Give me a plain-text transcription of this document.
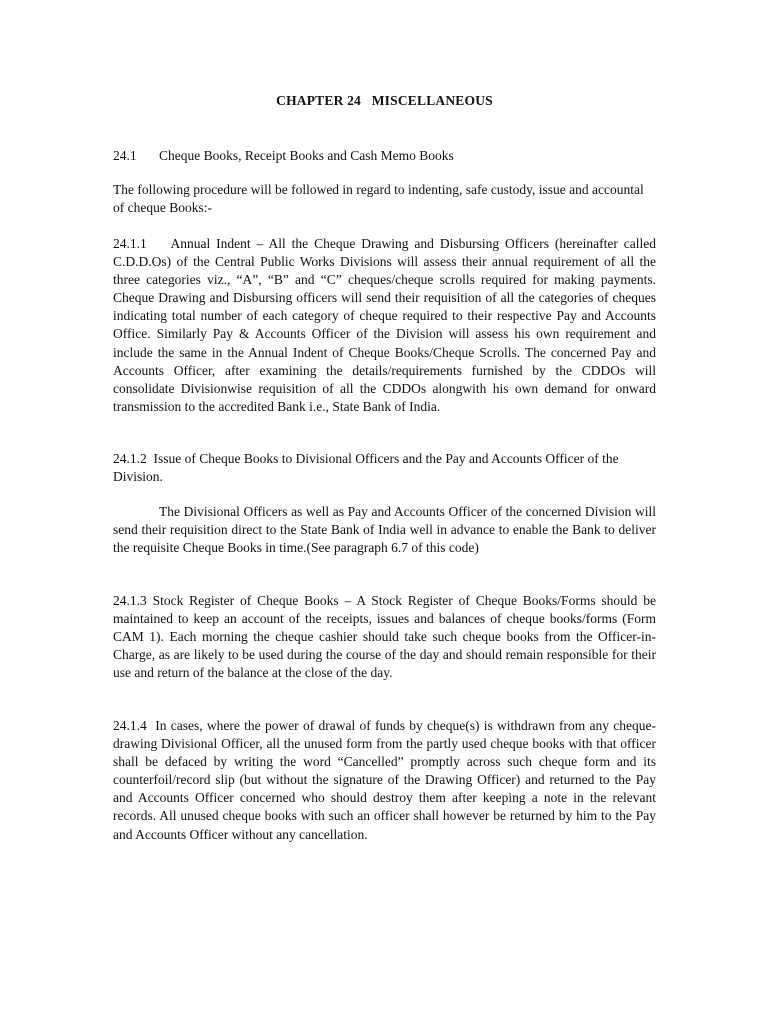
CHAPTER 24   MISCELLANEOUS
24.1 Cheque Books, Receipt Books and Cash Memo Books

The following procedure will be followed in regard to indenting, safe custody, issue and accountal of cheque Books:-

24.1.1 Annual Indent – All the Cheque Drawing and Disbursing Officers (hereinafter called C.D.D.Os) of the Central Public Works Divisions will assess their annual requirement of all the three categories viz., “A”, “B” and “C” cheques/cheque scrolls required for making payments. Cheque Drawing and Disbursing officers will send their requisition of all the categories of cheques indicating total number of each category of cheque required to their respective Pay and Accounts Office. Similarly Pay & Accounts Officer of the Division will assess his own requirement and include the same in the Annual Indent of Cheque Books/Cheque Scrolls. The concerned Pay and Accounts Officer, after examining the details/requirements furnished by the CDDOs will consolidate Divisionwise requisition of all the CDDOs alongwith his own demand for onward transmission to the accredited Bank i.e., State Bank of India.

24.1.2 Issue of Cheque Books to Divisional Officers and the Pay and Accounts Officer of the Division.

The Divisional Officers as well as Pay and Accounts Officer of the concerned Division will send their requisition direct to the State Bank of India well in advance to enable the Bank to deliver the requisite Cheque Books in time.(See paragraph 6.7 of this code)

24.1.3 Stock Register of Cheque Books – A Stock Register of Cheque Books/Forms should be maintained to keep an account of the receipts, issues and balances of cheque books/forms (Form CAM 1). Each morning the cheque cashier should take such cheque books from the Officer-in-Charge, as are likely to be used during the course of the day and should remain responsible for their use and return of the balance at the close of the day.

24.1.4 In cases, where the power of drawal of funds by cheque(s) is withdrawn from any cheque-drawing Divisional Officer, all the unused form from the partly used cheque books with that officer shall be defaced by writing the word “Cancelled” promptly across such cheque form and its counterfoil/record slip (but without the signature of the Drawing Officer) and returned to the Pay and Accounts Officer concerned who should destroy them after keeping a note in the relevant records. All unused cheque books with such an officer shall however be returned by him to the Pay and Accounts Officer without any cancellation.
